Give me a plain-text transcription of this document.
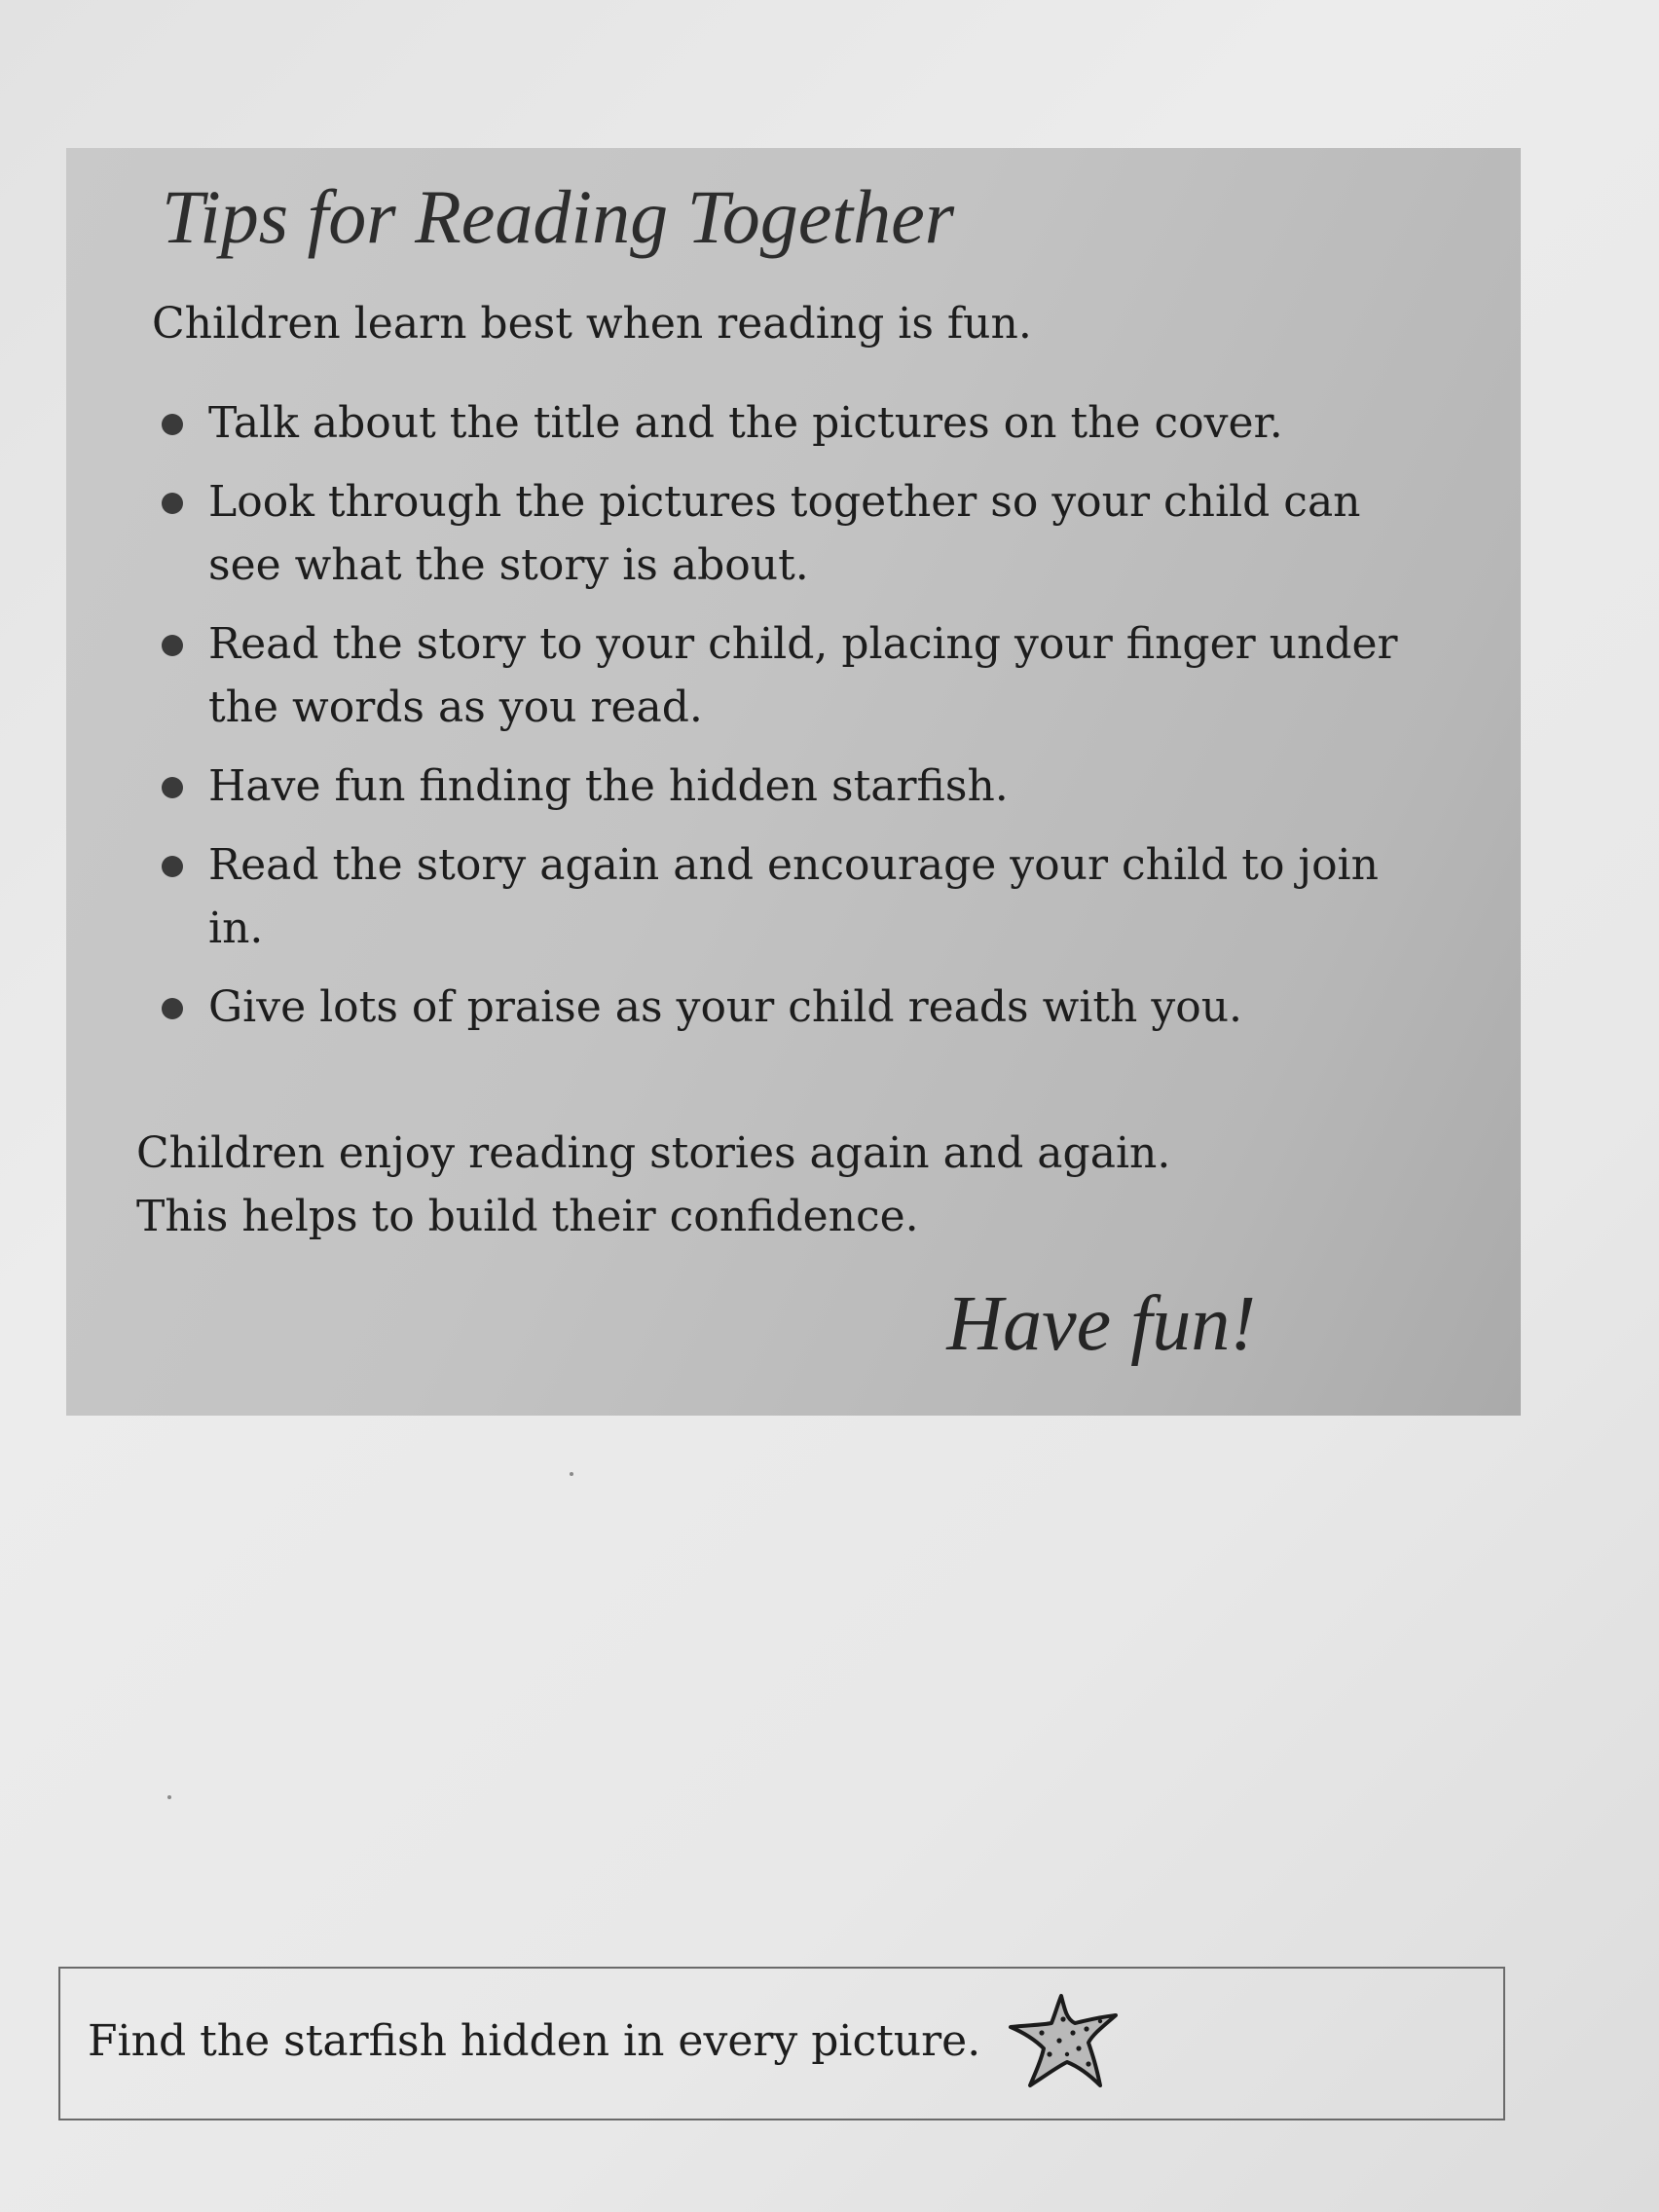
Tips for Reading Together

Children learn best when reading is fun.

Talk about the title and the pictures on the cover.
Look through the pictures together so your child can see what the story is about.
Read the story to your child, placing your finger under the words as you read.
Have fun finding the hidden starfish.
Read the story again and encourage your child to join in.
Give lots of praise as your child reads with you.

Children enjoy reading stories again and again.
This helps to build their confidence.

Have fun!

Find the starfish hidden in every picture.
